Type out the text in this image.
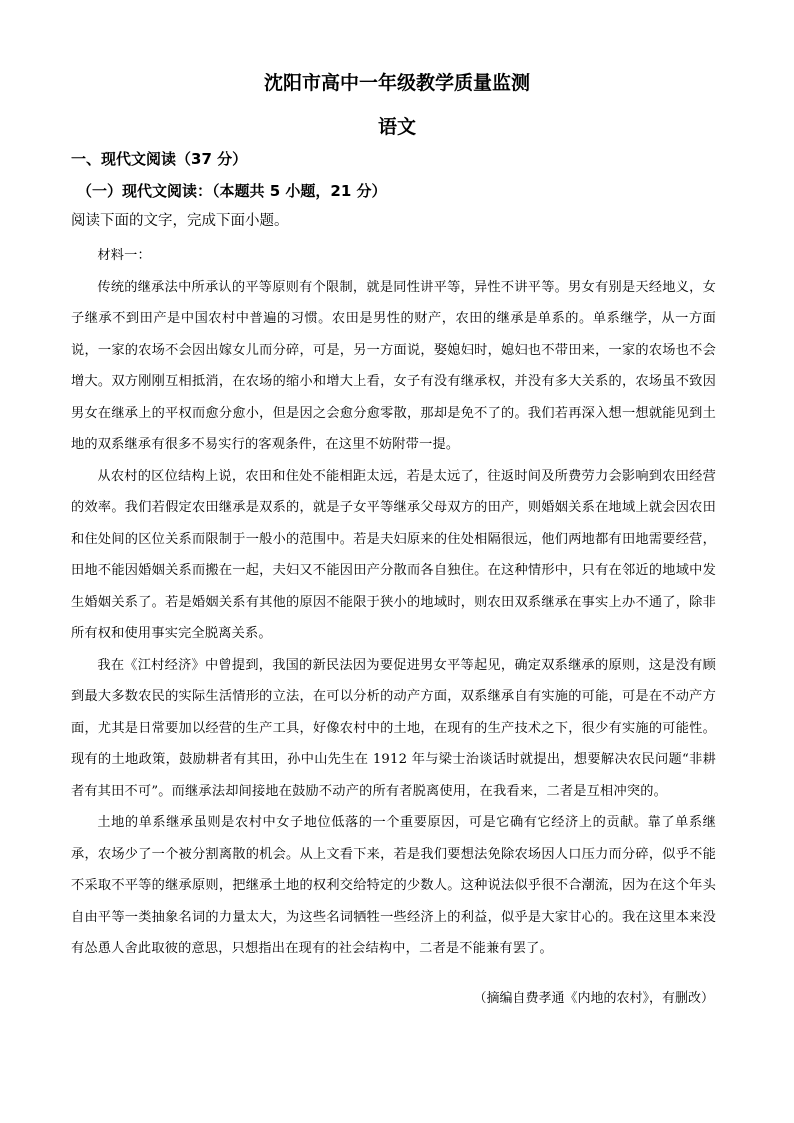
沈阳市高中一年级教学质量监测
语文
一、现代文阅读（37 分）
（一）现代文阅读：（本题共 5 小题，21 分）
阅读下面的文字，完成下面小题。

材料一：

传统的继承法中所承认的平等原则有个限制，就是同性讲平等，异性不讲平等。男女有别是天经地义，女子继承不到田产是中国农村中普遍的习惯。农田是男性的财产，农田的继承是单系的。单系继学，从一方面说，一家的农场不会因出嫁女儿而分碎，可是，另一方面说，娶媳妇时，媳妇也不带田来，一家的农场也不会增大。双方刚刚互相抵消，在农场的缩小和增大上看，女子有没有继承权，并没有多大关系的，农场虽不致因男女在继承上的平权而愈分愈小，但是因之会愈分愈零散，那却是免不了的。我们若再深入想一想就能见到土地的双系继承有很多不易实行的客观条件，在这里不妨附带一提。

从农村的区位结构上说，农田和住处不能相距太远，若是太远了，往返时间及所费劳力会影响到农田经营的效率。我们若假定农田继承是双系的，就是子女平等继承父母双方的田产，则婚姻关系在地域上就会因农田和住处间的区位关系而限制于一般小的范围中。若是夫妇原来的住处相隔很远，他们两地都有田地需要经营，田地不能因婚姻关系而搬在一起，夫妇又不能因田产分散而各自独住。在这种情形中，只有在邻近的地域中发生婚姻关系了。若是婚姻关系有其他的原因不能限于狭小的地域时，则农田双系继承在事实上办不通了，除非所有权和使用事实完全脱离关系。

我在《江村经济》中曾提到，我国的新民法因为要促进男女平等起见，确定双系继承的原则，这是没有顾到最大多数农民的实际生活情形的立法，在可以分析的动产方面，双系继承自有实施的可能，可是在不动产方面，尤其是日常要加以经营的生产工具，好像农村中的土地，在现有的生产技术之下，很少有实施的可能性。现有的土地政策，鼓励耕者有其田，孙中山先生在 1912 年与梁士治谈话时就提出，想要解决农民问题“非耕者有其田不可”。而继承法却间接地在鼓励不动产的所有者脱离使用，在我看来，二者是互相冲突的。

土地的单系继承虽则是农村中女子地位低落的一个重要原因，可是它确有它经济上的贡献。靠了单系继承，农场少了一个被分割离散的机会。从上文看下来，若是我们要想法免除农场因人口压力而分碎，似乎不能不采取不平等的继承原则，把继承土地的权利交给特定的少数人。这种说法似乎很不合潮流，因为在这个年头自由平等一类抽象名词的力量太大，为这些名词牺牲一些经济上的利益，似乎是大家甘心的。我在这里本来没有怂恿人舍此取彼的意思，只想指出在现有的社会结构中，二者是不能兼有罢了。

（摘编自费孝通《内地的农村》，有删改）
